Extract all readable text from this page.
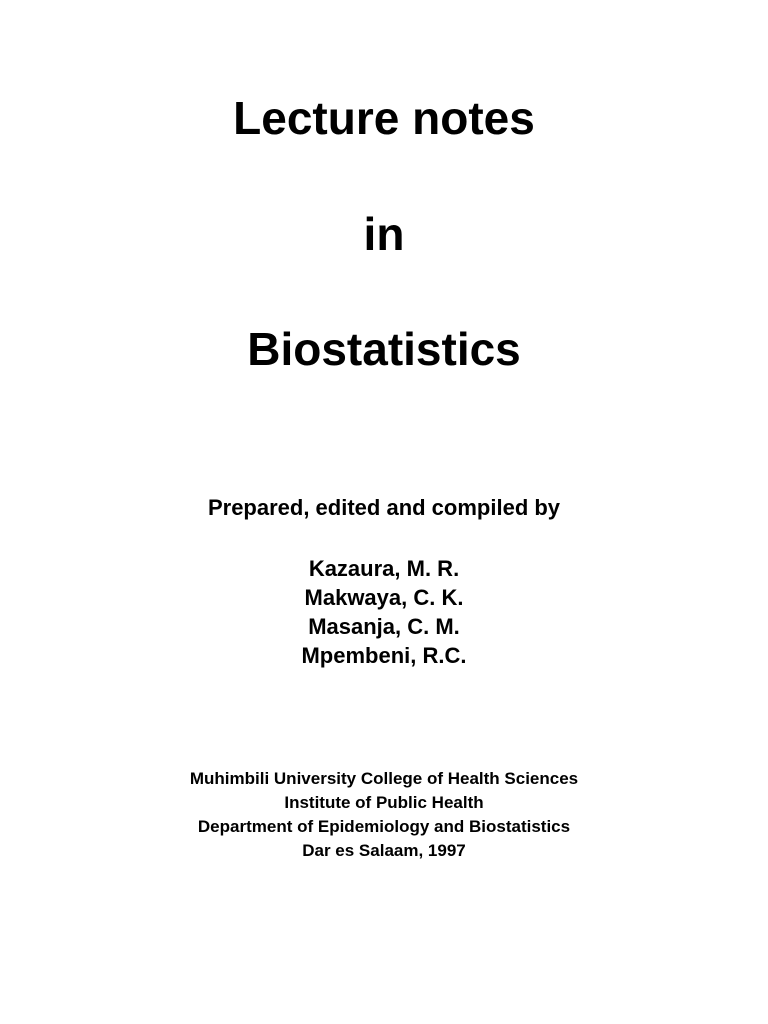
Lecture notes
in
Biostatistics
Prepared, edited and compiled by
Kazaura, M. R.
Makwaya, C. K.
Masanja, C. M.
Mpembeni, R.C.
Muhimbili University College of Health Sciences
Institute of Public Health
Department of Epidemiology and Biostatistics
Dar es Salaam, 1997
